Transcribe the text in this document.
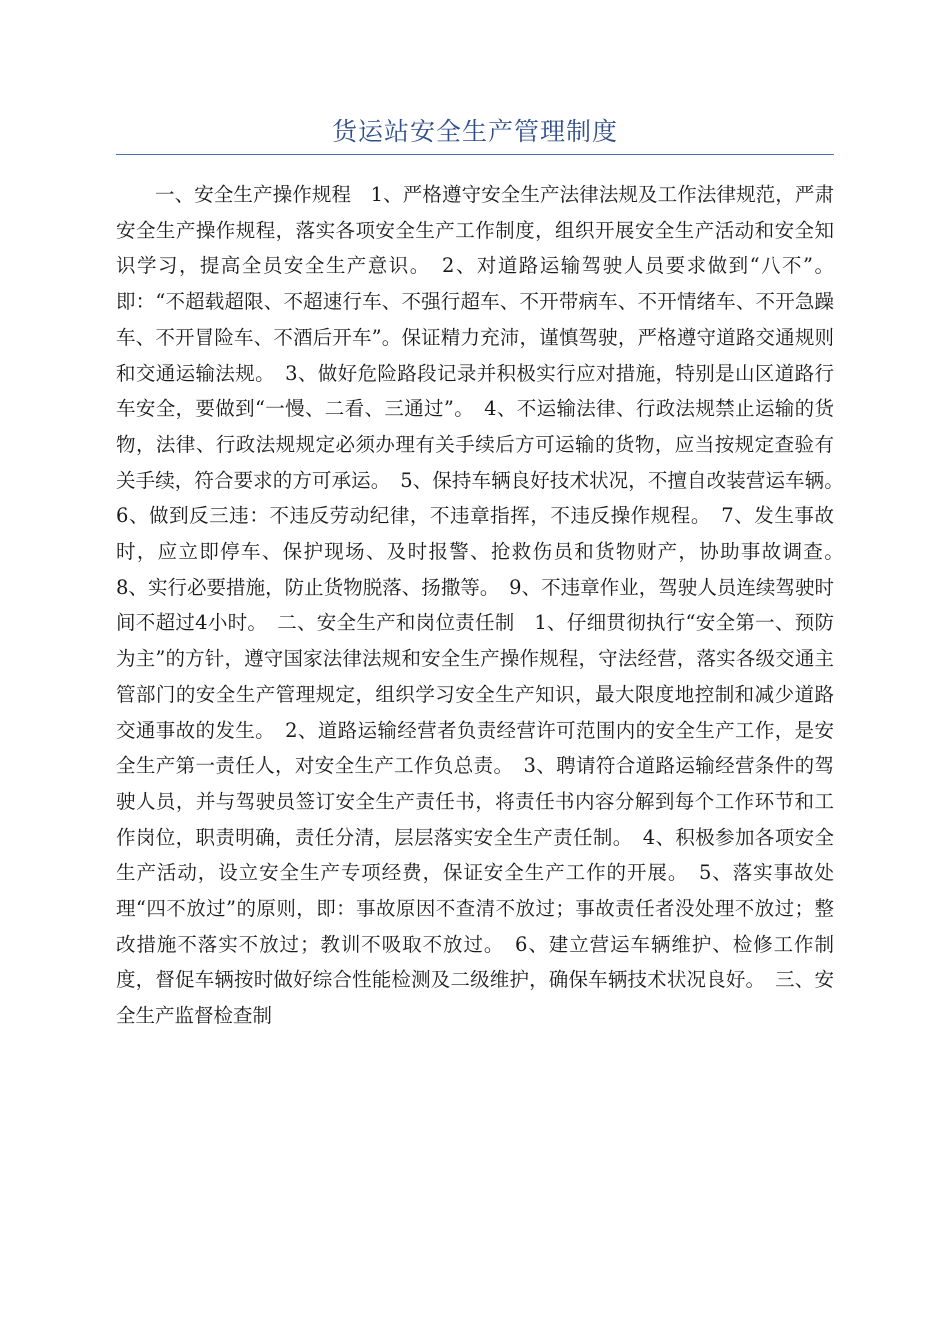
货运站安全生产管理制度

一、安全生产操作规程　1、严格遵守安全生产法律法规及工作法律规范，严肃安全生产操作规程，落实各项安全生产工作制度，组织开展安全生产活动和安全知识学习，提高全员安全生产意识。　2、对道路运输驾驶人员要求做到“八不”。即：“不超载超限、不超速行车、不强行超车、不开带病车、不开情绪车、不开急躁车、不开冒险车、不酒后开车”。保证精力充沛，谨慎驾驶，严格遵守道路交通规则和交通运输法规。　3、做好危险路段记录并积极实行应对措施，特别是山区道路行车安全，要做到“一慢、二看、三通过”。　4、不运输法律、行政法规禁止运输的货物，法律、行政法规规定必须办理有关手续后方可运输的货物，应当按规定查验有关手续，符合要求的方可承运。　5、保持车辆良好技术状况，不擅自改装营运车辆。　6、做到反三违：不违反劳动纪律，不违章指挥，不违反操作规程。　7、发生事故时，应立即停车、保护现场、及时报警、抢救伤员和货物财产，协助事故调查。　8、实行必要措施，防止货物脱落、扬撒等。　9、不违章作业，驾驶人员连续驾驶时间不超过4小时。　二、安全生产和岗位责任制　1、仔细贯彻执行“安全第一、预防为主”的方针，遵守国家法律法规和安全生产操作规程，守法经营，落实各级交通主管部门的安全生产管理规定，组织学习安全生产知识，最大限度地控制和减少道路交通事故的发生。　2、道路运输经营者负责经营许可范围内的安全生产工作，是安全生产第一责任人，对安全生产工作负总责。　3、聘请符合道路运输经营条件的驾驶人员，并与驾驶员签订安全生产责任书，将责任书内容分解到每个工作环节和工作岗位，职责明确，责任分清，层层落实安全生产责任制。　4、积极参加各项安全生产活动，设立安全生产专项经费，保证安全生产工作的开展。　5、落实事故处理“四不放过”的原则，即：事故原因不查清不放过；事故责任者没处理不放过；整改措施不落实不放过；教训不吸取不放过。　6、建立营运车辆维护、检修工作制度，督促车辆按时做好综合性能检测及二级维护，确保车辆技术状况良好。　三、安全生产监督检查制
